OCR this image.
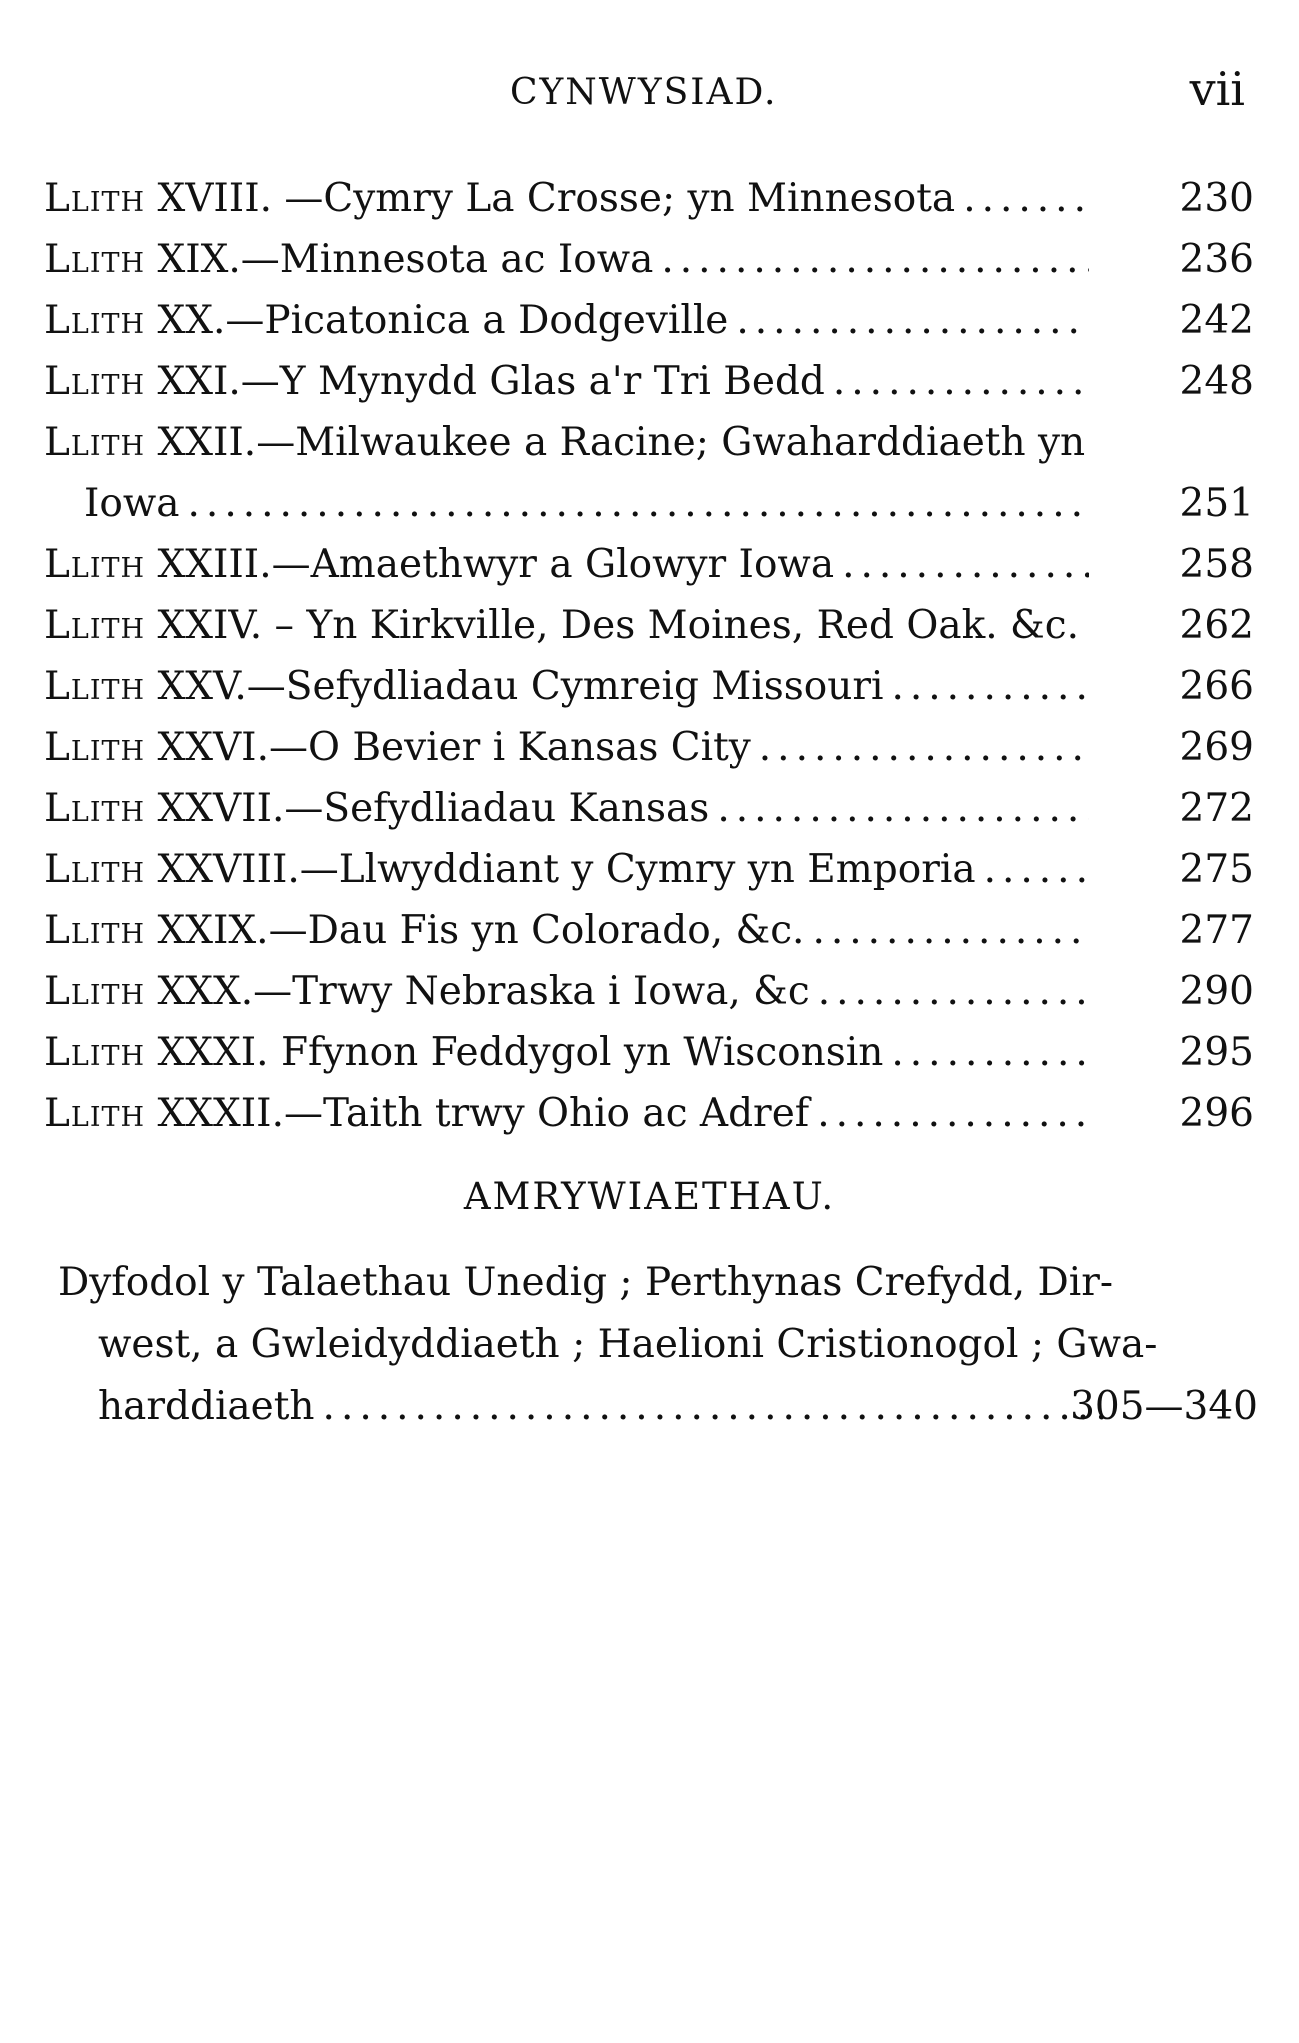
CYNWYSIAD.	vii
Llith XVIII. —Cymry La Crosse; yn Minnesota .....	230
Llith XIX.—Minnesota ac Iowa .....	236
Llith XX.—Picatonica a Dodgeville .....	242
Llith XXI.—Y Mynydd Glas a'r Tri Bedd .....	248
Llith XXII.—Milwaukee a Racine; Gwaharddiaeth yn
Iowa .....	251
Llith XXIII.—Amaethwyr a Glowyr Iowa .....	258
Llith XXIV. – Yn Kirkville, Des Moines, Red Oak. &c. .....	262
Llith XXV.—Sefydliadau Cymreig Missouri .....	266
Llith XXVI.—O Bevier i Kansas City .....	269
Llith XXVII.—Sefydliadau Kansas .....	272
Llith XXVIII.—Llwyddiant y Cymry yn Emporia .....	275
Llith XXIX.—Dau Fis yn Colorado, &c. .....	277
Llith XXX.—Trwy Nebraska i Iowa, &c .....	290
Llith XXXI. Ffynon Feddygol yn Wisconsin .....	295
Llith XXXII.—Taith trwy Ohio ac Adref .....	296
AMRYWIAETHAU.
Dyfodol y Talaethau Unedig ; Perthynas Crefydd, Dir-
west, a Gwleidyddiaeth ; Haelioni Cristionogol ; Gwa-
harddiaeth .....	305—340
